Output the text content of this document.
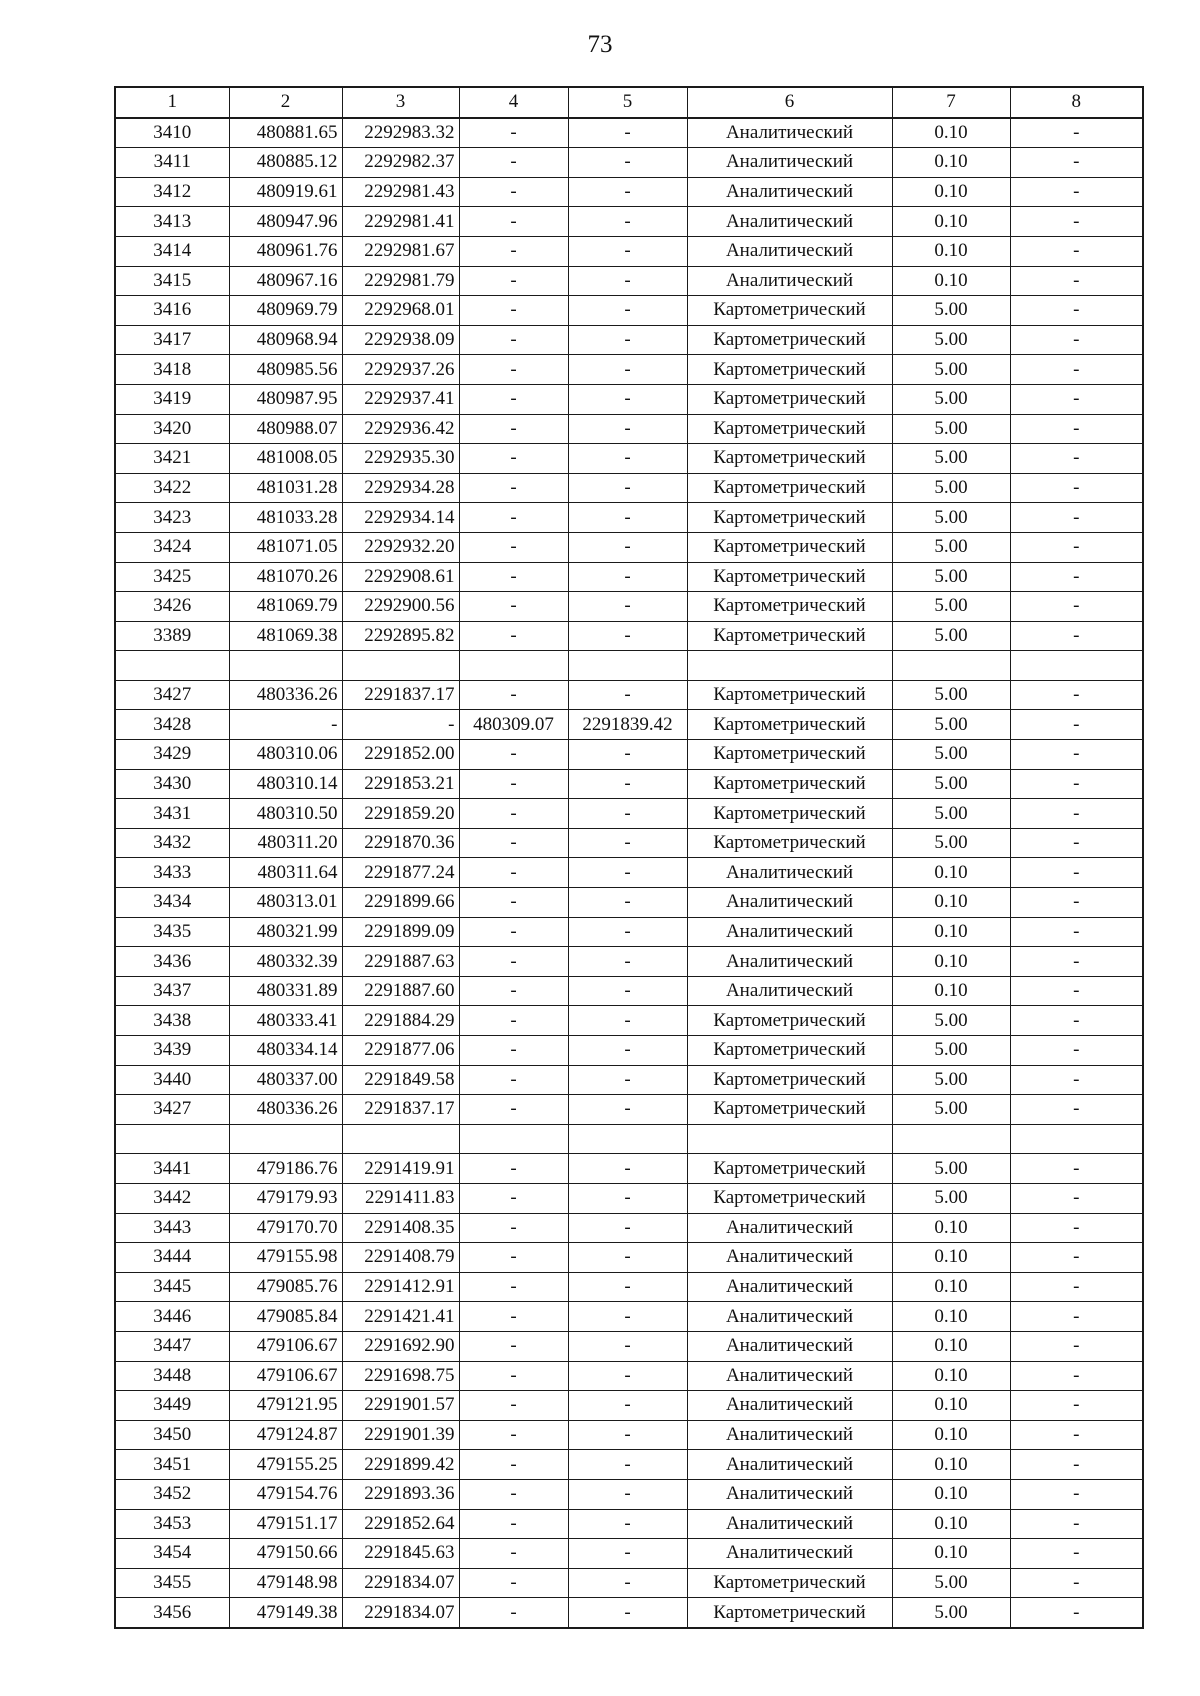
73
1	2	3	4	5	6	7	8
3410	480881.65	2292983.32	-	-	Аналитический	0.10	-
3411	480885.12	2292982.37	-	-	Аналитический	0.10	-
3412	480919.61	2292981.43	-	-	Аналитический	0.10	-
3413	480947.96	2292981.41	-	-	Аналитический	0.10	-
3414	480961.76	2292981.67	-	-	Аналитический	0.10	-
3415	480967.16	2292981.79	-	-	Аналитический	0.10	-
3416	480969.79	2292968.01	-	-	Картометрический	5.00	-
3417	480968.94	2292938.09	-	-	Картометрический	5.00	-
3418	480985.56	2292937.26	-	-	Картометрический	5.00	-
3419	480987.95	2292937.41	-	-	Картометрический	5.00	-
3420	480988.07	2292936.42	-	-	Картометрический	5.00	-
3421	481008.05	2292935.30	-	-	Картометрический	5.00	-
3422	481031.28	2292934.28	-	-	Картометрический	5.00	-
3423	481033.28	2292934.14	-	-	Картометрический	5.00	-
3424	481071.05	2292932.20	-	-	Картометрический	5.00	-
3425	481070.26	2292908.61	-	-	Картометрический	5.00	-
3426	481069.79	2292900.56	-	-	Картометрический	5.00	-
3389	481069.38	2292895.82	-	-	Картометрический	5.00	-

3427	480336.26	2291837.17	-	-	Картометрический	5.00	-
3428	-	-	480309.07	2291839.42	Картометрический	5.00	-
3429	480310.06	2291852.00	-	-	Картометрический	5.00	-
3430	480310.14	2291853.21	-	-	Картометрический	5.00	-
3431	480310.50	2291859.20	-	-	Картометрический	5.00	-
3432	480311.20	2291870.36	-	-	Картометрический	5.00	-
3433	480311.64	2291877.24	-	-	Аналитический	0.10	-
3434	480313.01	2291899.66	-	-	Аналитический	0.10	-
3435	480321.99	2291899.09	-	-	Аналитический	0.10	-
3436	480332.39	2291887.63	-	-	Аналитический	0.10	-
3437	480331.89	2291887.60	-	-	Аналитический	0.10	-
3438	480333.41	2291884.29	-	-	Картометрический	5.00	-
3439	480334.14	2291877.06	-	-	Картометрический	5.00	-
3440	480337.00	2291849.58	-	-	Картометрический	5.00	-
3427	480336.26	2291837.17	-	-	Картометрический	5.00	-

3441	479186.76	2291419.91	-	-	Картометрический	5.00	-
3442	479179.93	2291411.83	-	-	Картометрический	5.00	-
3443	479170.70	2291408.35	-	-	Аналитический	0.10	-
3444	479155.98	2291408.79	-	-	Аналитический	0.10	-
3445	479085.76	2291412.91	-	-	Аналитический	0.10	-
3446	479085.84	2291421.41	-	-	Аналитический	0.10	-
3447	479106.67	2291692.90	-	-	Аналитический	0.10	-
3448	479106.67	2291698.75	-	-	Аналитический	0.10	-
3449	479121.95	2291901.57	-	-	Аналитический	0.10	-
3450	479124.87	2291901.39	-	-	Аналитический	0.10	-
3451	479155.25	2291899.42	-	-	Аналитический	0.10	-
3452	479154.76	2291893.36	-	-	Аналитический	0.10	-
3453	479151.17	2291852.64	-	-	Аналитический	0.10	-
3454	479150.66	2291845.63	-	-	Аналитический	0.10	-
3455	479148.98	2291834.07	-	-	Картометрический	5.00	-
3456	479149.38	2291834.07	-	-	Картометрический	5.00	-
